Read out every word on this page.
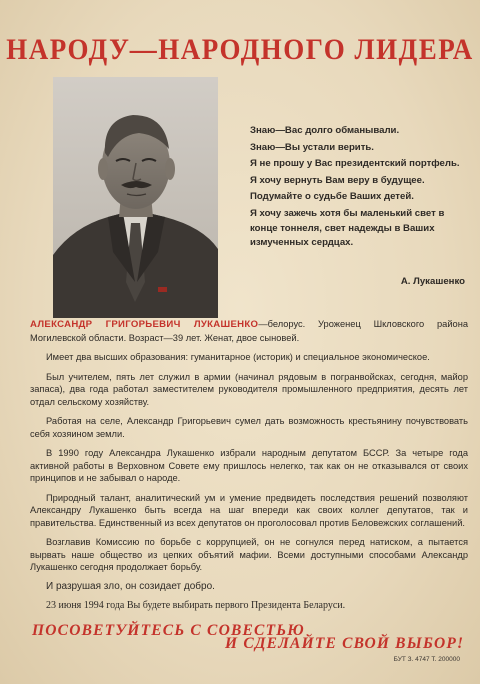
НАРОДУ—НАРОДНОГО ЛИДЕРА

Знаю—Вас долго обманывали.

Знаю—Вы устали верить.

Я не прошу у Вас президентский портфель.

Я хочу вернуть Вам веру в будущее.

Подумайте о судьбе Ваших детей.

Я хочу зажечь хотя бы маленький свет в конце тоннеля, свет надежды в Ваших измученных сердцах.

А. Лукашенко

АЛЕКСАНДР ГРИГОРЬЕВИЧ ЛУКАШЕНКО—белорус. Уроженец Шкловского района Могилевской области. Возраст—39 лет. Женат, двое сыновей.

Имеет два высших образования: гуманитарное (историк) и специальное экономическое.

Был учителем, пять лет служил в армии (начинал рядовым в погранвойсках, сегодня, майор запаса), два года работал заместителем руководителя промышленного предприятия, десять лет отдал сельскому хозяйству.

Работая на селе, Александр Григорьевич сумел дать возможность крестьянину почувствовать себя хозяином земли.

В 1990 году Александра Лукашенко избрали народным депутатом БССР. За четыре года активной работы в Верховном Совете ему пришлось нелегко, так как он не отказывался от своих принципов и не забывал о народе.

Природный талант, аналитический ум и умение предвидеть последствия решений позволяют Александру Лукашенко быть всегда на шаг впереди как своих коллег депутатов, так и правительства. Единственный из всех депутатов он проголосовал против Беловежских соглашений.

Возглавив Комиссию по борьбе с коррупцией, он не согнулся перед натиском, а пытается вырвать наше общество из цепких объятий мафии. Всеми доступными способами Александр Лукашенко сегодня продолжает борьбу.

И разрушая зло, он созидает добро.

23 июня 1994 года Вы будете выбирать первого Президента Беларуси.

ПОСОВЕТУЙТЕСЬ С СОВЕСТЬЮ
И СДЕЛАЙТЕ СВОЙ ВЫБОР!
БУТ З. 4747 Т. 200000
